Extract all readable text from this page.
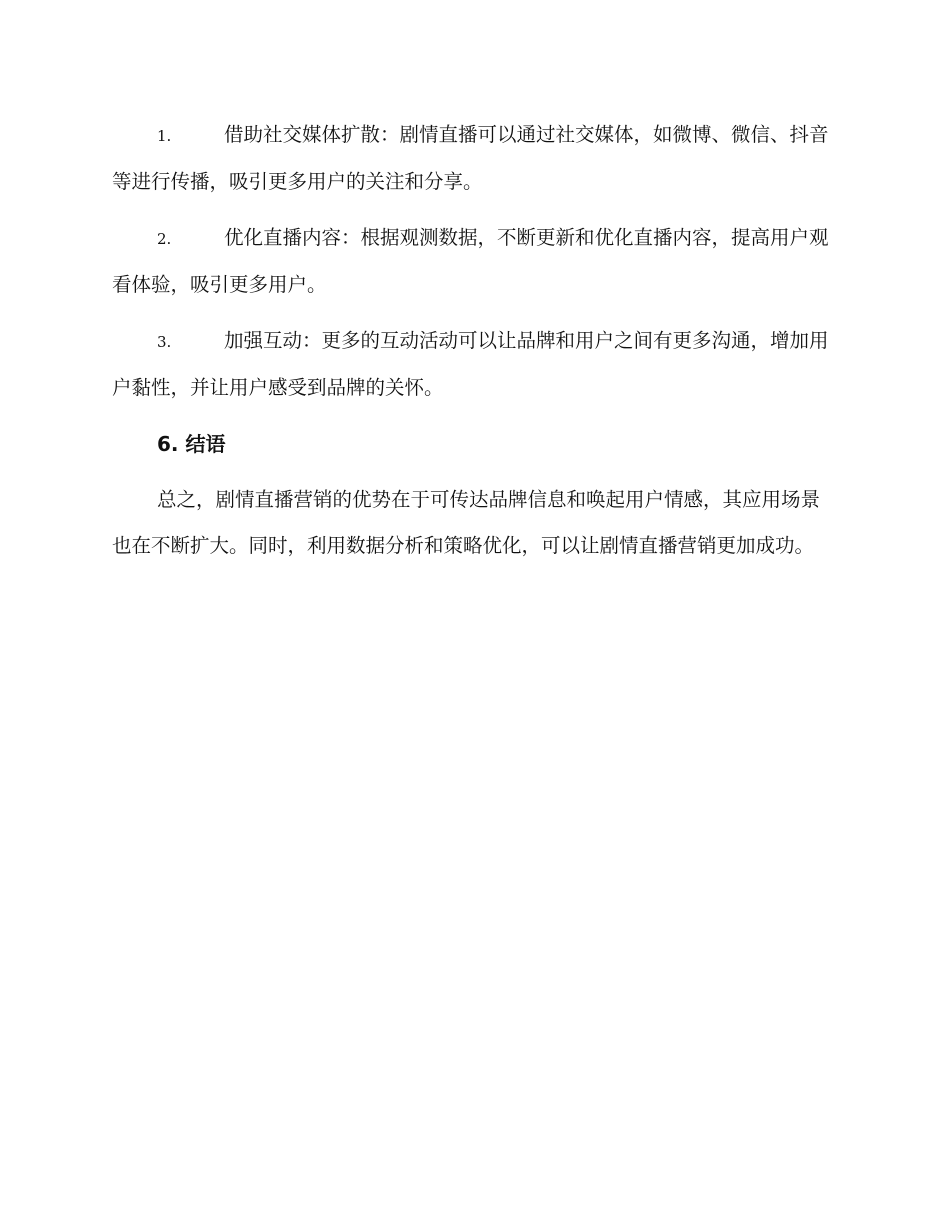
1.	借助社交媒体扩散：剧情直播可以通过社交媒体，如微博、微信、抖音等进行传播，吸引更多用户的关注和分享。
2.	优化直播内容：根据观测数据，不断更新和优化直播内容，提高用户观看体验，吸引更多用户。
3.	加强互动：更多的互动活动可以让品牌和用户之间有更多沟通，增加用户黏性，并让用户感受到品牌的关怀。
6. 结语

总之，剧情直播营销的优势在于可传达品牌信息和唤起用户情感，其应用场景也在不断扩大。同时，利用数据分析和策略优化，可以让剧情直播营销更加成功。
